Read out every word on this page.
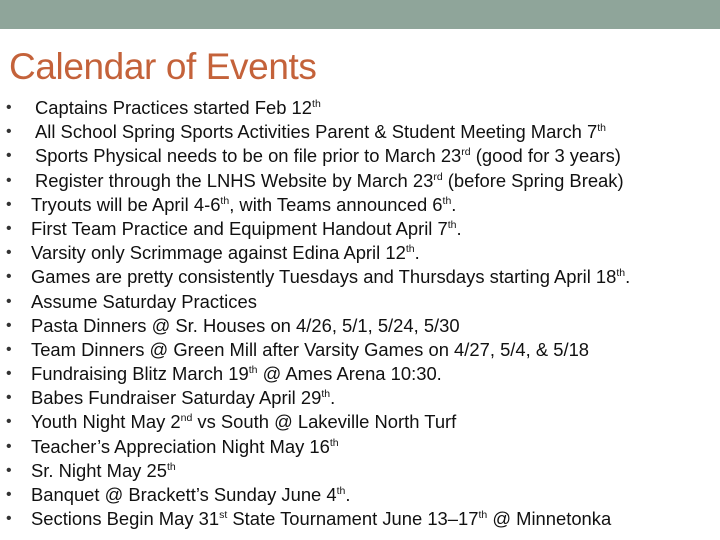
Calendar of Events
• Captains Practices started Feb 12th
• All School Spring Sports Activities Parent & Student Meeting March 7th
• Sports Physical needs to be on file prior to March 23rd (good for 3 years)
• Register through the LNHS Website by March 23rd (before Spring Break)
• Tryouts will be April 4-6th, with Teams announced 6th.
• First Team Practice and Equipment Handout April 7th.
• Varsity only Scrimmage against Edina April 12th.
• Games are pretty consistently Tuesdays and Thursdays starting April 18th.
• Assume Saturday Practices
• Pasta Dinners @ Sr. Houses on 4/26, 5/1, 5/24, 5/30
• Team Dinners @ Green Mill after Varsity Games on 4/27, 5/4, & 5/18
• Fundraising Blitz March 19th @ Ames Arena 10:30.
• Babes Fundraiser Saturday April 29th.
• Youth Night May 2nd vs South @ Lakeville North Turf
• Teacher’s Appreciation Night May 16th
• Sr. Night May 25th
• Banquet @ Brackett’s Sunday June 4th.
• Sections Begin May 31st State Tournament June 13–17th @ Minnetonka
